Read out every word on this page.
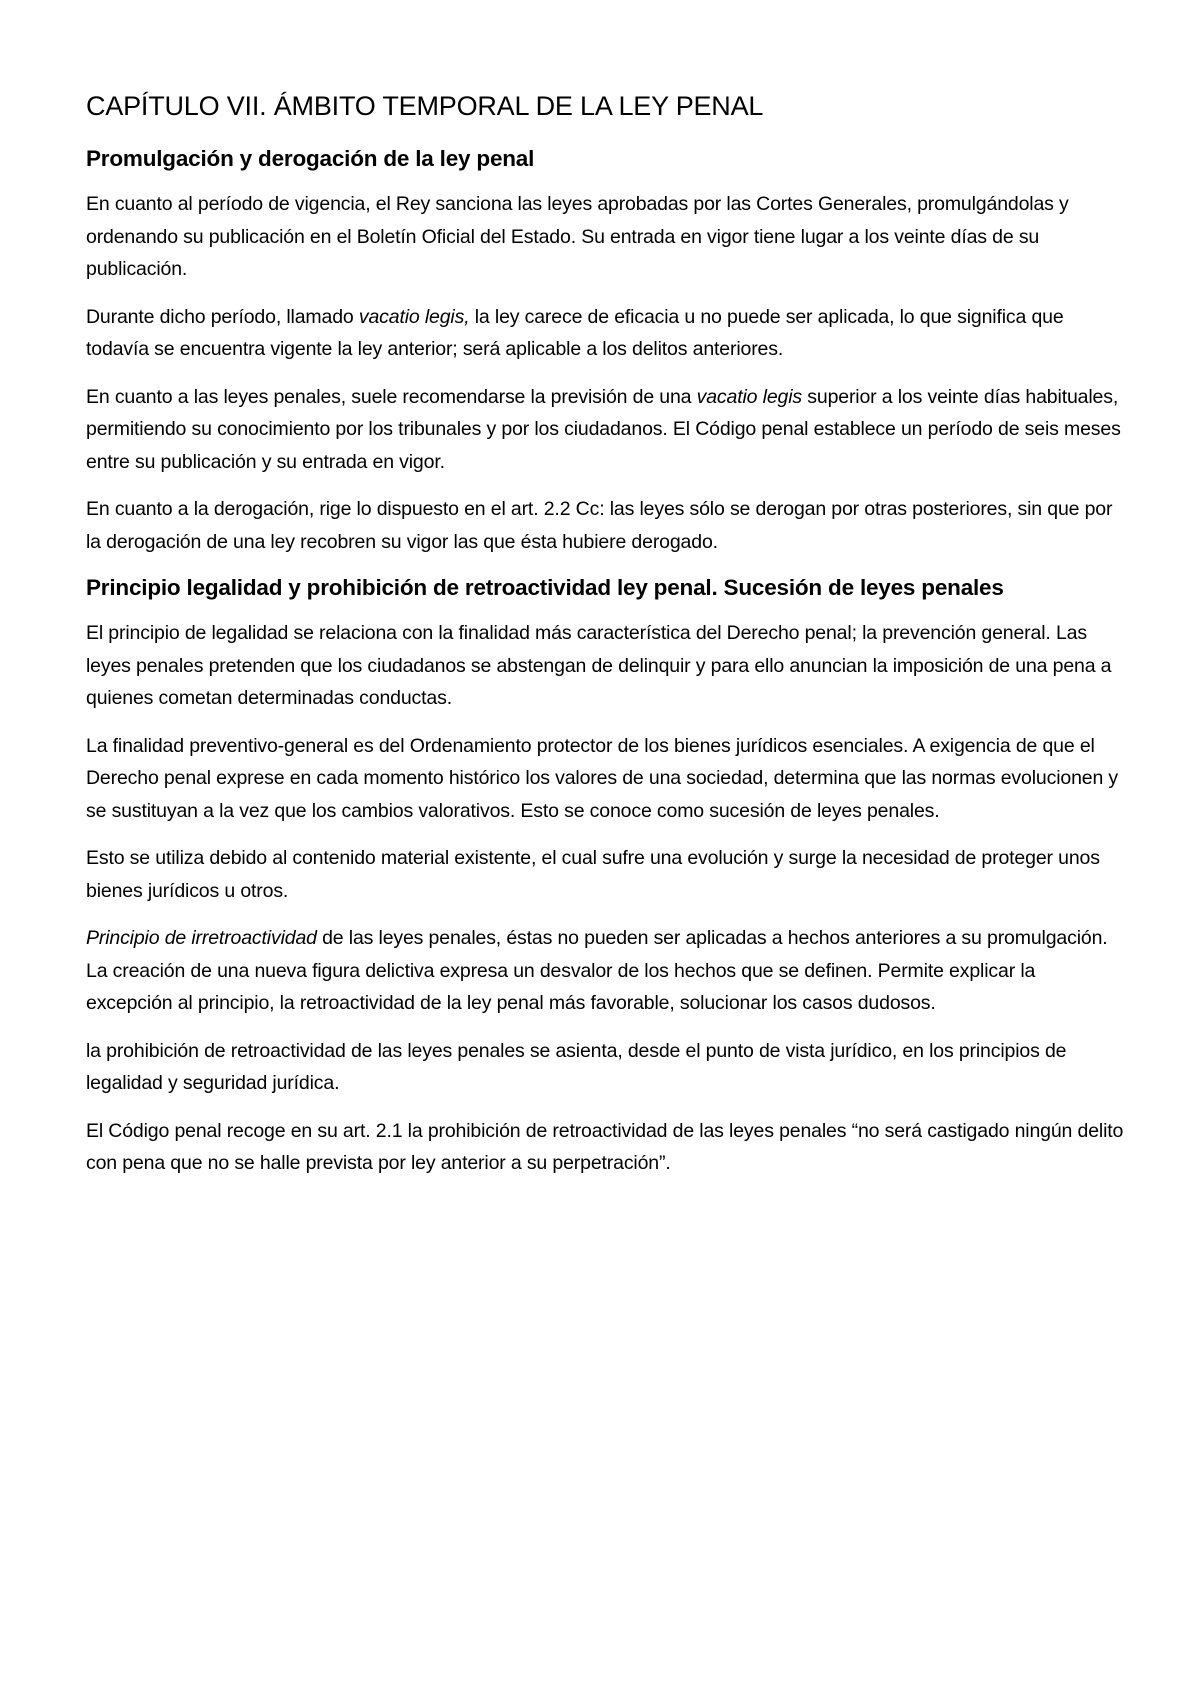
CAPÍTULO VII. ÁMBITO TEMPORAL DE LA LEY PENAL
Promulgación y derogación de la ley penal

En cuanto al período de vigencia, el Rey sanciona las leyes aprobadas por las Cortes Generales, promulgándolas y ordenando su publicación en el Boletín Oficial del Estado. Su entrada en vigor tiene lugar a los veinte días de su publicación.

Durante dicho período, llamado vacatio legis, la ley carece de eficacia u no puede ser aplicada, lo que significa que todavía se encuentra vigente la ley anterior; será aplicable a los delitos anteriores.

En cuanto a las leyes penales, suele recomendarse la previsión de una vacatio legis superior a los veinte días habituales, permitiendo su conocimiento por los tribunales y por los ciudadanos. El Código penal establece un período de seis meses entre su publicación y su entrada en vigor.

En cuanto a la derogación, rige lo dispuesto en el art. 2.2 Cc: las leyes sólo se derogan por otras posteriores, sin que por la derogación de una ley recobren su vigor las que ésta hubiere derogado.

Principio legalidad y prohibición de retroactividad ley penal. Sucesión de leyes penales

El principio de legalidad se relaciona con la finalidad más característica del Derecho penal; la prevención general. Las leyes penales pretenden que los ciudadanos se abstengan de delinquir y para ello anuncian la imposición de una pena a quienes cometan determinadas conductas.

La finalidad preventivo-general es del Ordenamiento protector de los bienes jurídicos esenciales. A exigencia de que el Derecho penal exprese en cada momento histórico los valores de una sociedad, determina que las normas evolucionen y se sustituyan a la vez que los cambios valorativos. Esto se conoce como sucesión de leyes penales.

Esto se utiliza debido al contenido material existente, el cual sufre una evolución y surge la necesidad de proteger unos bienes jurídicos u otros.

Principio de irretroactividad de las leyes penales, éstas no pueden ser aplicadas a hechos anteriores a su promulgación. La creación de una nueva figura delictiva expresa un desvalor de los hechos que se definen. Permite explicar la excepción al principio, la retroactividad de la ley penal más favorable, solucionar los casos dudosos.

la prohibición de retroactividad de las leyes penales se asienta, desde el punto de vista jurídico, en los principios de legalidad y seguridad jurídica.

El Código penal recoge en su art. 2.1 la prohibición de retroactividad de las leyes penales “no será castigado ningún delito con pena que no se halle prevista por ley anterior a su perpetración”.
